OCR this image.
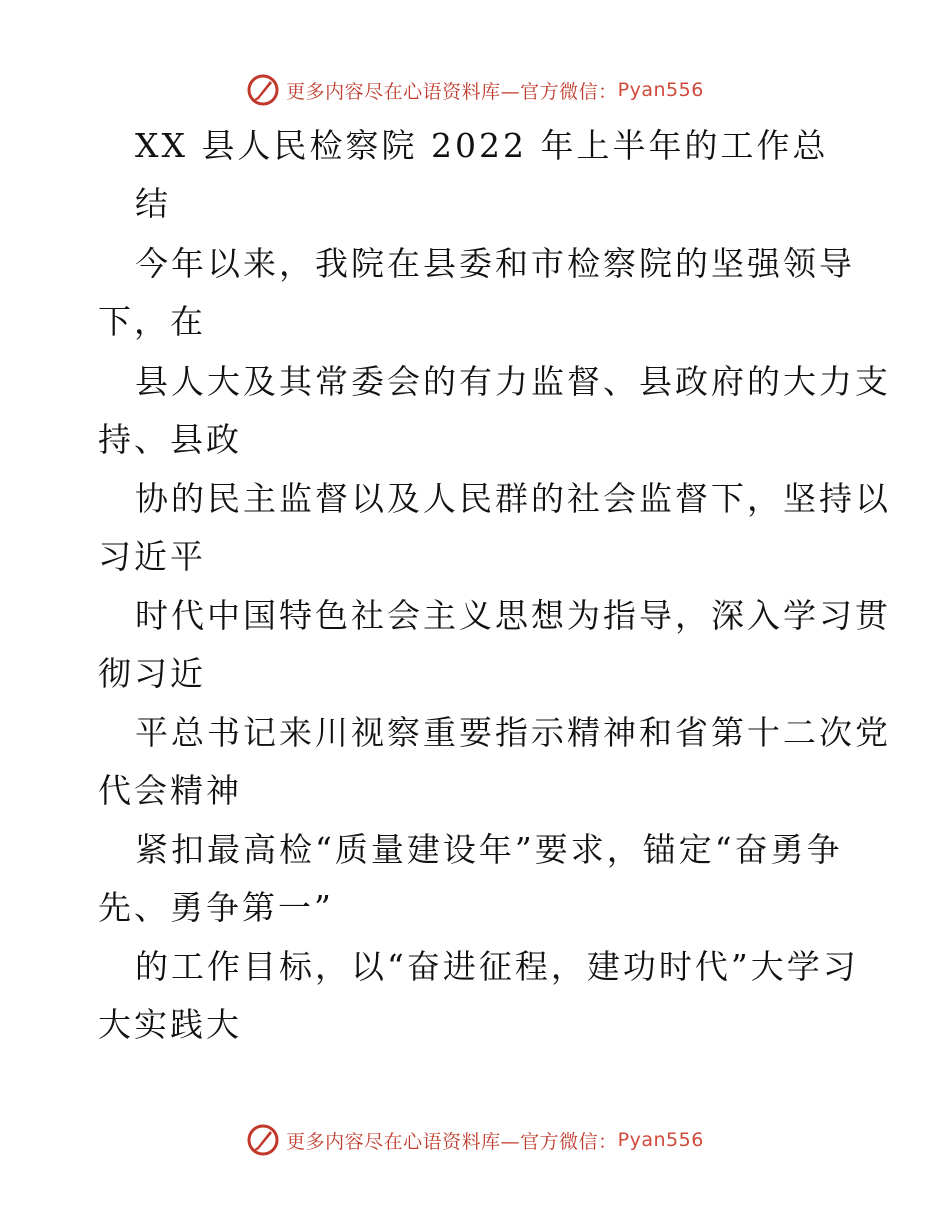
更多内容尽在心语资料库—官方微信： Pyan556

XX 县人民检察院 2022 年上半年的工作总

结

今年以来，我院在县委和市检察院的坚强领导

下，在

县人大及其常委会的有力监督、县政府的大力支

持、县政

协的民主监督以及人民群的社会监督下，坚持以

习近平

时代中国特色社会主义思想为指导，深入学习贯

彻习近

平总书记来川视察重要指示精神和省第十二次党

代会精神

紧扣最高检“质量建设年”要求，锚定“奋勇争

先、勇争第一”

的工作目标，以“奋进征程，建功时代”大学习

大实践大

更多内容尽在心语资料库—官方微信： Pyan556
